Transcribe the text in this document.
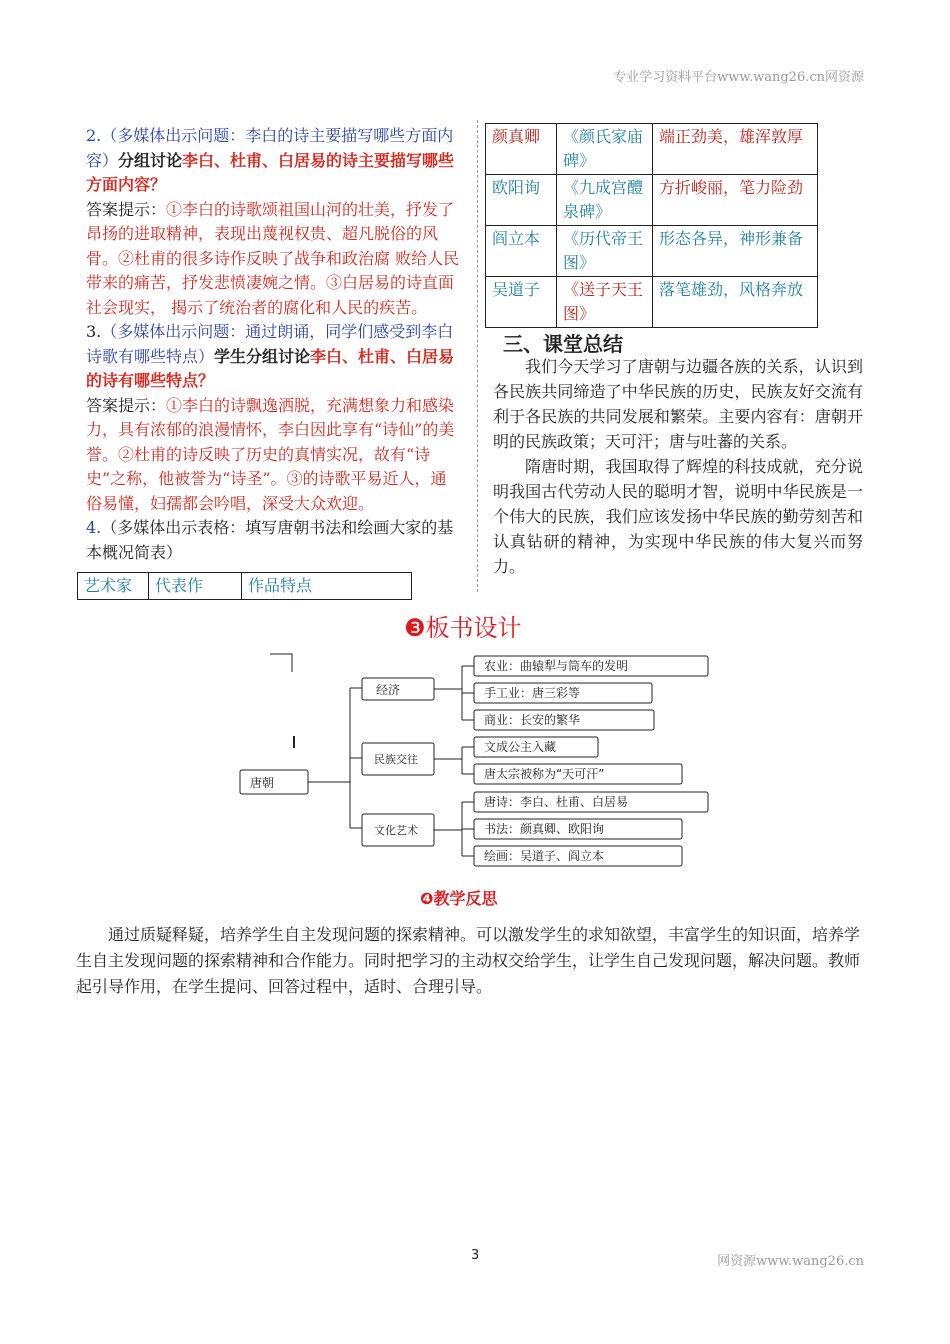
专业学习资料平台www.wang26.cn网资源
2.（多媒体出示问题：李白的诗主要描写哪些方面内容）分组讨论李白、杜甫、白居易的诗主要描写哪些方面内容？
答案提示：①李白的诗歌颂祖国山河的壮美，抒发了昂扬的进取精神，表现出蔑视权贵、超凡脱俗的风骨。②杜甫的很多诗作反映了战争和政治腐 败给人民带来的痛苦，抒发悲愤凄婉之情。③白居易的诗直面社会现实， 揭示了统治者的腐化和人民的疾苦。
3.（多媒体出示问题：通过朗诵，同学们感受到李白诗歌有哪些特点）学生分组讨论李白、杜甫、白居易的诗有哪些特点？
答案提示：①李白的诗飘逸洒脱，充满想象力和感染力，具有浓郁的浪漫情怀，李白因此享有“诗仙”的美誉。②杜甫的诗反映了历史的真情实况，故有“诗史”之称，他被誉为“诗圣”。③的诗歌平易近人，通俗易懂，妇孺都会吟唱，深受大众欢迎。
4.（多媒体出示表格：填写唐朝书法和绘画大家的基本概况简表）
艺术家	代表作	作品特点
颜真卿	《颜氏家庙碑》	端正劲美，雄浑敦厚
欧阳询	《九成宫醴泉碑》	方折峻丽，笔力险劲
阎立本	《历代帝王图》	形态各异，神形兼备
吴道子	《送子天王图》	落笔雄劲，风格奔放
三、课堂总结
我们今天学习了唐朝与边疆各族的关系，认识到各民族共同缔造了中华民族的历史，民族友好交流有利于各民族的共同发展和繁荣。主要内容有：唐朝开明的民族政策；天可汗；唐与吐蕃的关系。
隋唐时期，我国取得了辉煌的科技成就，充分说明我国古代劳动人民的聪明才智，说明中华民族是一个伟大的民族，我们应该发扬中华民族的勤劳刻苦和认真钻研的精神，为实现中华民族的伟大复兴而努力。
❸板书设计
唐朝
经济
民族交往
文化艺术
农业：曲辕犁与筒车的发明
手工业：唐三彩等
商业：长安的繁华
文成公主入藏
唐太宗被称为“天可汗”
唐诗：李白、杜甫、白居易
书法：颜真卿、欧阳询
绘画：吴道子、阎立本
❹教学反思
通过质疑释疑，培养学生自主发现问题的探索精神。可以激发学生的求知欲望，丰富学生的知识面，培养学生自主发现问题的探索精神和合作能力。同时把学习的主动权交给学生，让学生自己发现问题，解决问题。教师起引导作用，在学生提问、回答过程中，适时、合理引导。
3	网资源www.wang26.cn
